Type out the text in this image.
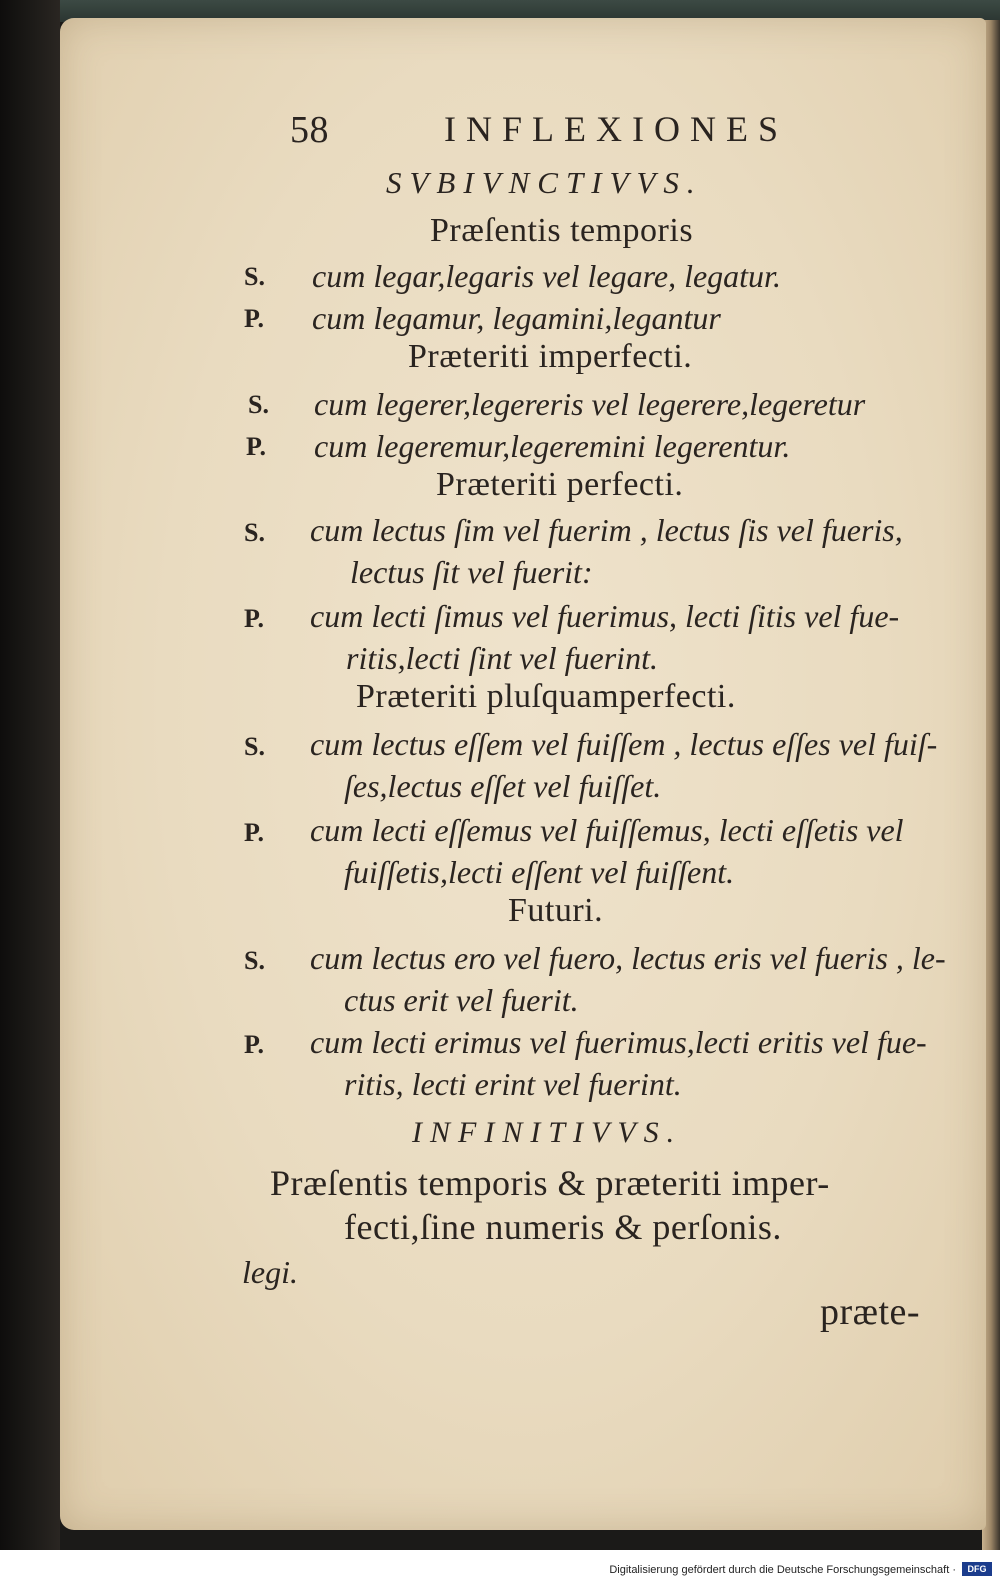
58	INFLEXIONES
SVBIVNCTIVVS.
Præſentis temporis
S. cum legar,legaris vel legare, legatur.
P. cum legamur, legamini,legantur
Præteriti imperfecti.
S. cum legerer,legereris vel legerere,legeretur
P. cum legeremur,legeremini legerentur.
Præteriti perfecti.
S. cum lectus ſim vel fuerim , lectus ſis vel fueris,
lectus ſit vel fuerit:
P. cum lecti ſimus vel fuerimus, lecti ſitis vel fue-
ritis,lecti ſint vel fuerint.
Præteriti pluſquamperfecti.
S. cum lectus eſſem vel fuiſſem , lectus eſſes vel fuiſ-
ſes,lectus eſſet vel fuiſſet.
P. cum lecti eſſemus vel fuiſſemus, lecti eſſetis vel
fuiſſetis,lecti eſſent vel fuiſſent.
Futuri.
S. cum lectus ero vel fuero, lectus eris vel fueris , le-
ctus erit vel fuerit.
P. cum lecti erimus vel fuerimus,lecti eritis vel fue-
ritis, lecti erint vel fuerint.
INFINITIVVS.
Præſentis temporis & præteriti imper-
fecti,ſine numeris & perſonis.
legi.
præte-
Digitalisierung gefördert durch die Deutsche Forschungsgemeinschaft ·	DFG
